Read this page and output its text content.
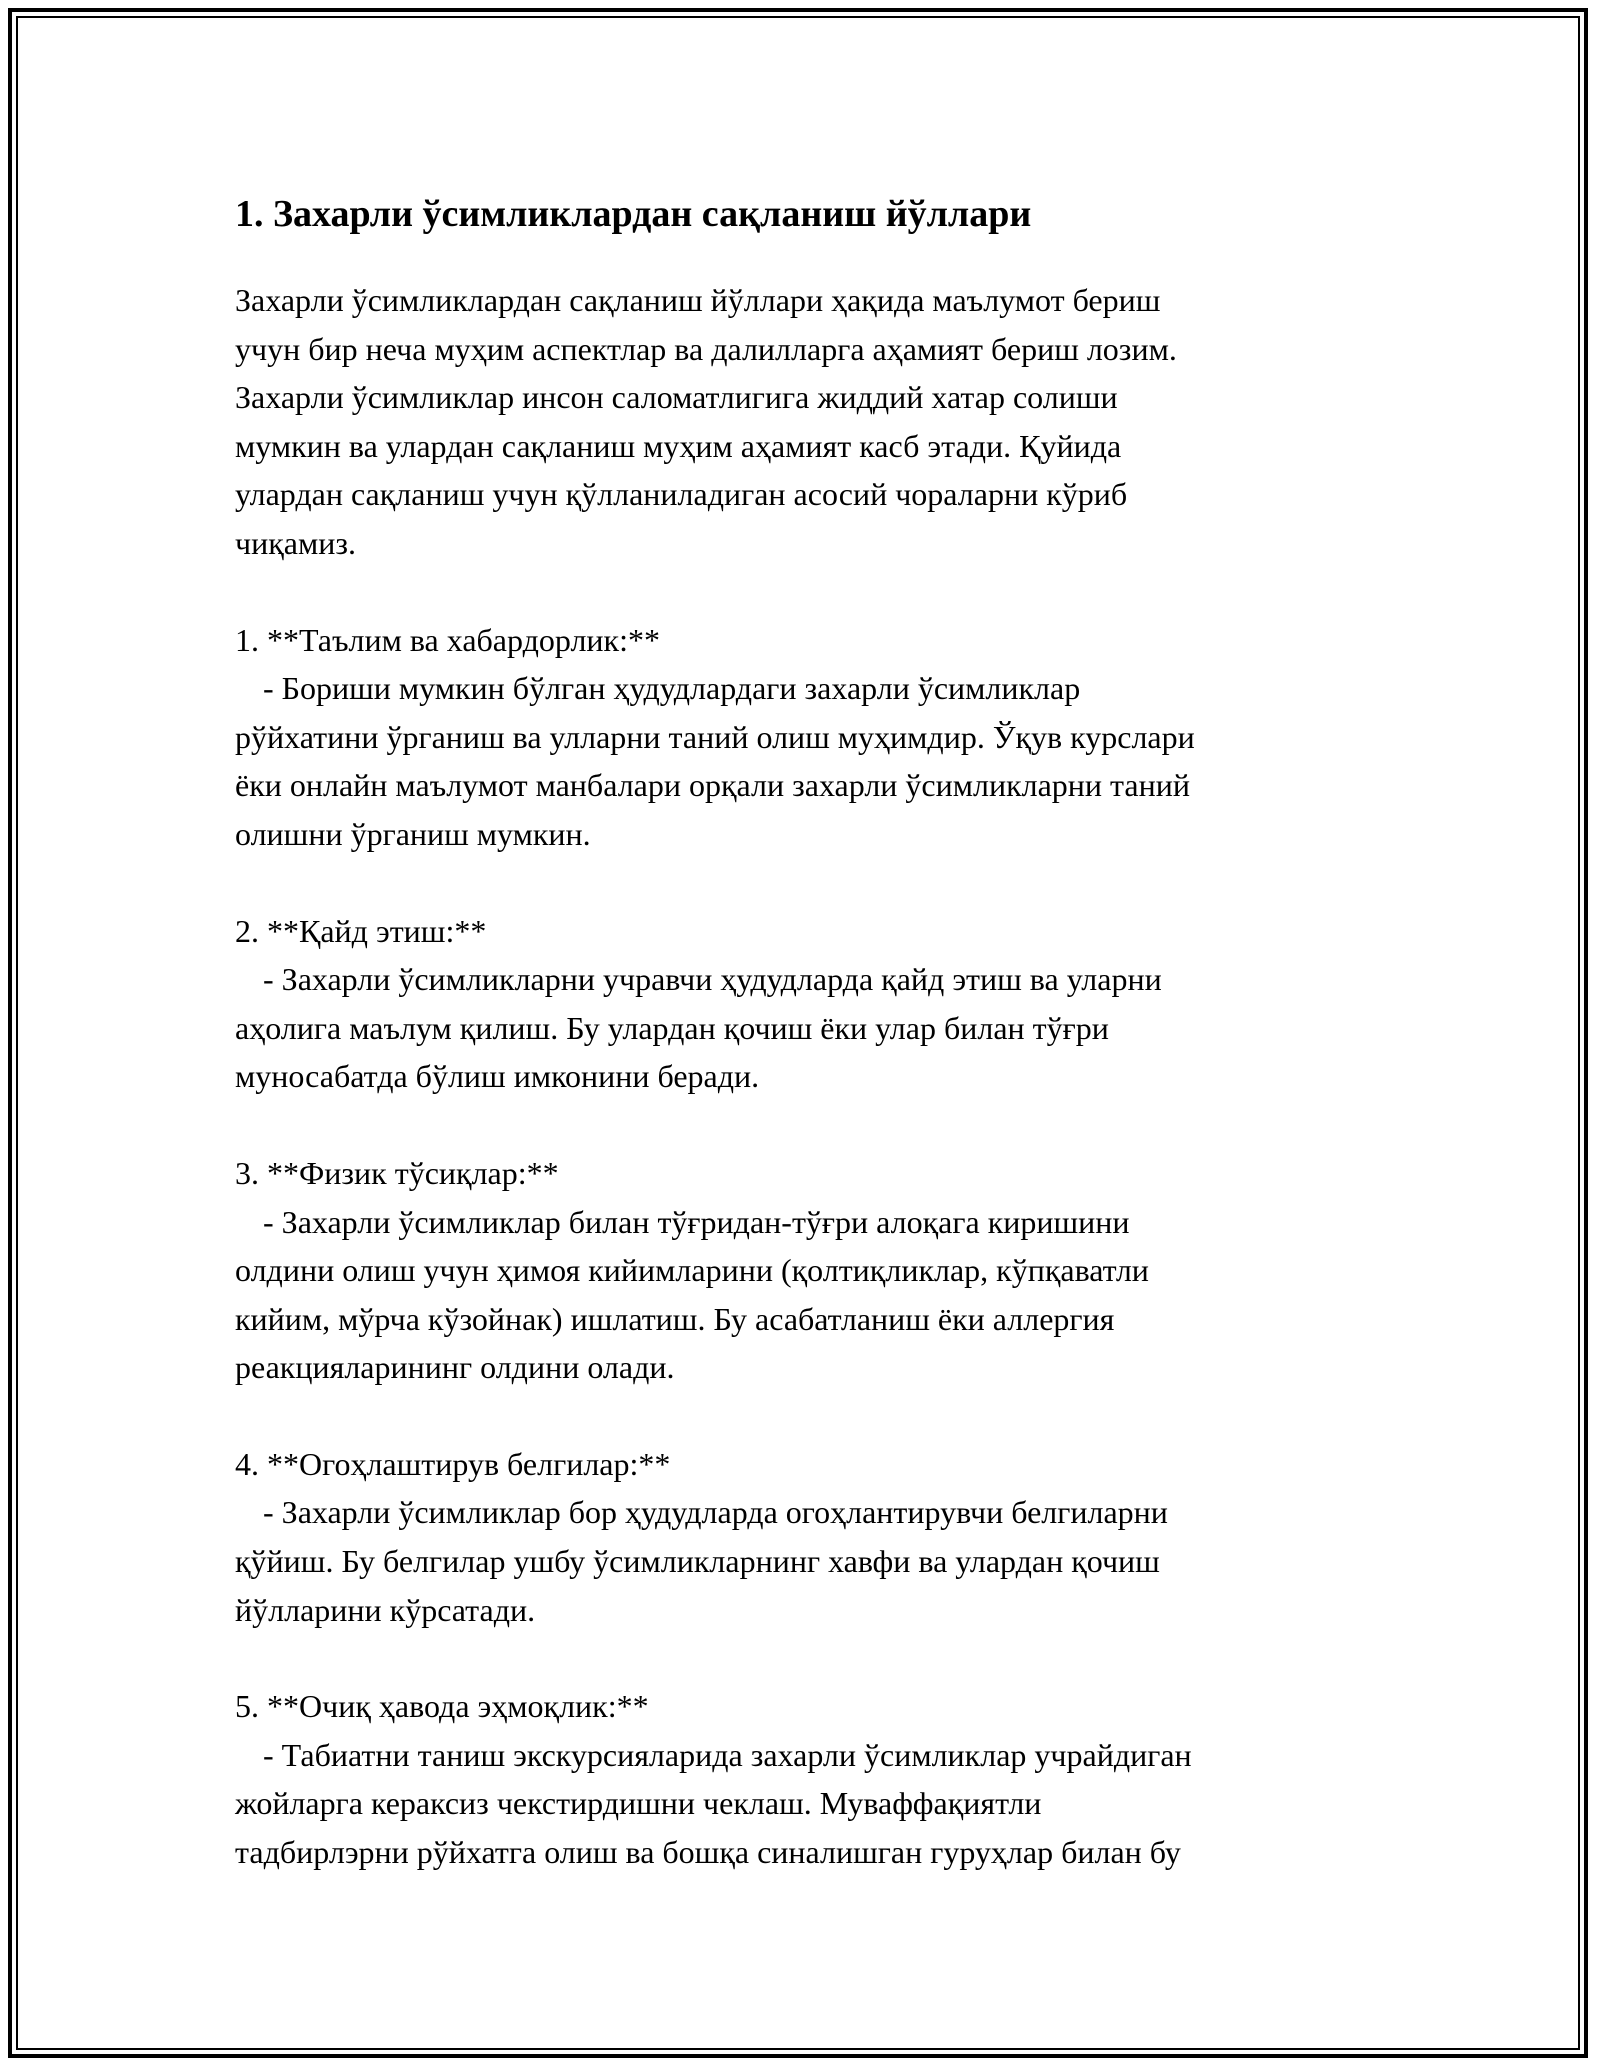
1. Захарли ўсимликлардан сақланиш йўллари

Захарли ўсимликлардан сақланиш йўллари ҳақида маълумот бериш
учун бир неча муҳим аспектлар ва далилларга аҳамият бериш лозим.
Захарли ўсимликлар инсон саломатлигига жиддий хатар солиши
мумкин ва улардан сақланиш муҳим аҳамият касб этади. Қуйида
улардан сақланиш учун қўлланиладиган асосий чораларни кўриб
чиқамиз.

1. **Таълим ва хабардорлик:**

- Бориши мумкин бўлган ҳудудлардаги захарли ўсимликлар
рўйхатини ўрганиш ва улларни таний олиш муҳимдир. Ўқув курслари
ёки онлайн маълумот манбалари орқали захарли ўсимликларни таний
олишни ўрганиш мумкин.

2. **Қайд этиш:**

- Захарли ўсимликларни учравчи ҳудудларда қайд этиш ва уларни
aҳолига маълум қилиш. Бу улардан қочиш ёки улар билан тўғри
муносабатда бўлиш имконини беради.

3. **Физик тўсиқлар:**

- Захарли ўсимликлар билан тўғридан-тўғри алоқага киришини
олдини олиш учун ҳимоя кийимларини (қолтиқликлар, кўпқаватли
кийим, мўрча кўзойнак) ишлатиш. Бу асабатланиш ёки аллергия
реакцияларининг олдини олади.

4. **Огоҳлаштирув белгилар:**

- Захарли ўсимликлар бор ҳудудларда огоҳлантирувчи белгиларни
қўйиш. Бу белгилар ушбу ўсимликларнинг хавфи ва улардан қочиш
йўлларини кўрсатади.

5. **Очиқ ҳавода эҳмоқлик:**

- Табиатни таниш экскурсияларида захарли ўсимликлар учрайдиган
жойларга кераксиз чекстирдишни чеклаш. Муваффақиятли
тадбирлэрни рўйхатга олиш ва бошқа синалишган гуруҳлар билан бу
